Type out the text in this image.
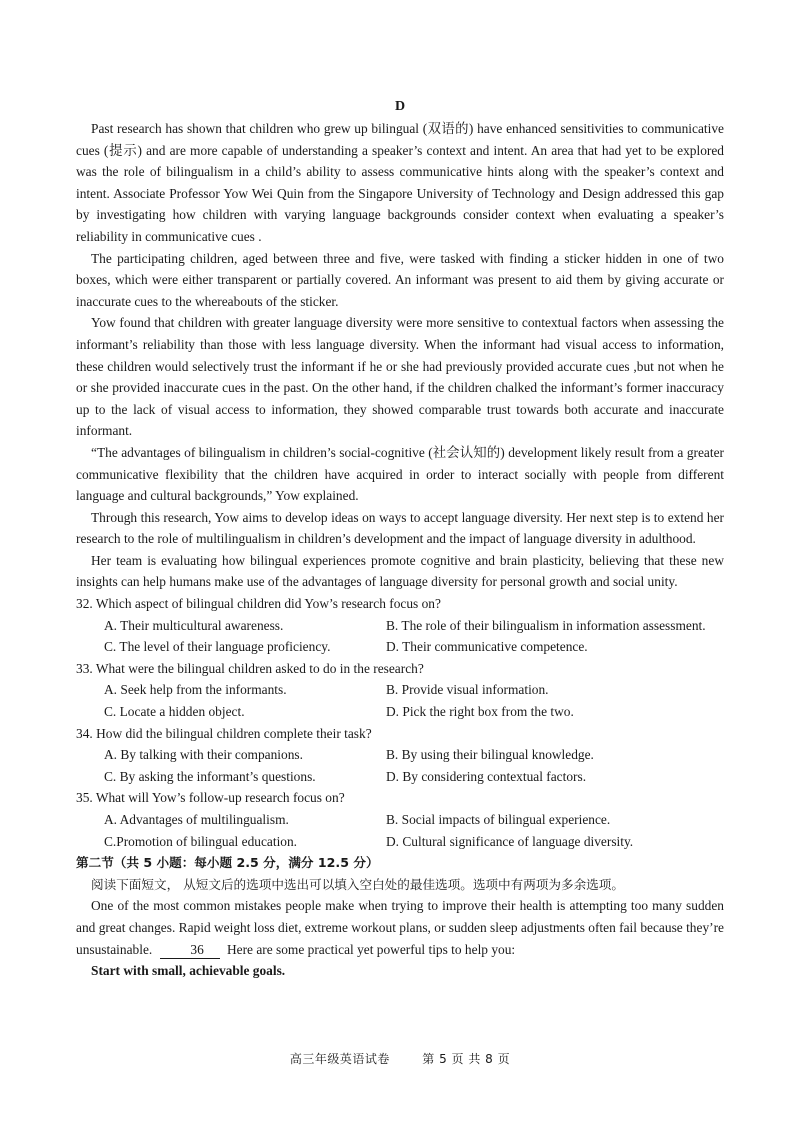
D

Past research has shown that children who grew up bilingual (双语的) have enhanced sensitivities to communicative cues (提示) and are more capable of understanding a speaker’s context and intent. An area that had yet to be explored was the role of bilingualism in a child’s ability to assess communicative hints along with the speaker’s context and intent. Associate Professor Yow Wei Quin from the Singapore University of Technology and Design addressed this gap by investigating how children with varying language backgrounds consider context when evaluating a speaker’s reliability in communicative cues .

The participating children, aged between three and five, were tasked with finding a sticker hidden in one of two boxes, which were either transparent or partially covered. An informant was present to aid them by giving accurate or inaccurate cues to the whereabouts of the sticker.

Yow found that children with greater language diversity were more sensitive to contextual factors when assessing the informant’s reliability than those with less language diversity. When the informant had visual access to information, these children would selectively trust the informant if he or she had previously provided accurate cues ,but not when he or she provided inaccurate cues in the past. On the other hand, if the children chalked the informant’s former inaccuracy up to the lack of visual access to information, they showed comparable trust towards both accurate and inaccurate informant.

“The advantages of bilingualism in children’s social-cognitive (社会认知的) development likely result from a greater communicative flexibility that the children have acquired in order to interact socially with people from different language and cultural backgrounds,” Yow explained.

Through this research, Yow aims to develop ideas on ways to accept language diversity. Her next step is to extend her research to the role of multilingualism in children’s development and the impact of language diversity in adulthood.

Her team is evaluating how bilingual experiences promote cognitive and brain plasticity, believing that these new insights can help humans make use of the advantages of language diversity for personal growth and social unity.

32. Which aspect of bilingual children did Yow’s research focus on?

A. Their multicultural awareness.	B. The role of their bilingualism in information assessment.
C. The level of their language proficiency.	D. Their communicative competence.

33. What were the bilingual children asked to do in the research?

A. Seek help from the informants.	B. Provide visual information.
C. Locate a hidden object.	D. Pick the right box from the two.

34. How did the bilingual children complete their task?

A. By talking with their companions.	B. By using their bilingual knowledge.
C. By asking the informant’s questions.	D. By considering contextual factors.

35. What will Yow’s follow-up research focus on?

A. Advantages of multilingualism.	B. Social impacts of bilingual experience.
C.Promotion of bilingual education.	D. Cultural significance of language diversity.

第二节（共 5 小题：每小题 2.5 分，满分 12.5 分）

阅读下面短文， 从短文后的选项中选出可以填入空白处的最佳选项。选项中有两项为多余选项。

One of the most common mistakes people make when trying to improve their health is attempting too many sudden and great changes. Rapid weight loss diet, extreme workout plans, or sudden sleep adjustments often fail because they’re unsustainable.	36 Here are some practical yet powerful tips to help you:

Start with small, achievable goals.

高三年级英语试卷	第 5 页 共 8 页
